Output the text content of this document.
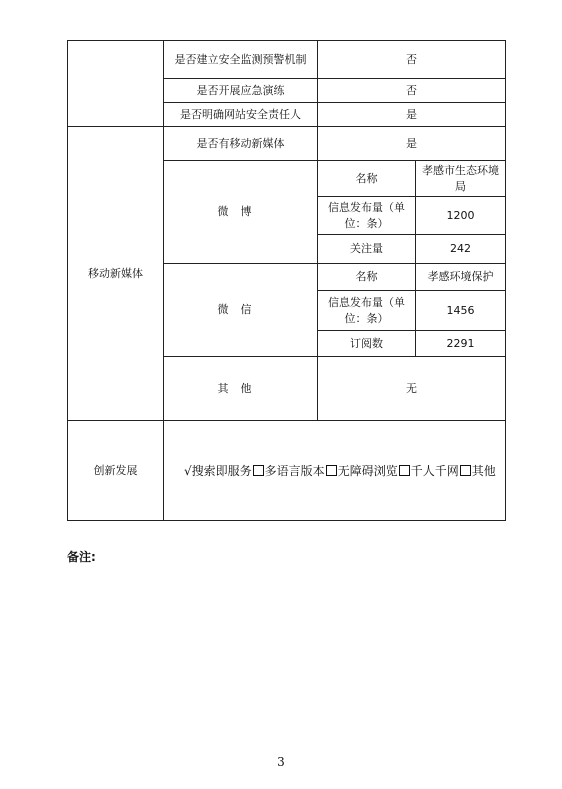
	是否建立安全监测预警机制	否	
	是否开展应急演练	否	
	是否明确网站安全责任人	是	
移动新媒体	是否有移动新媒体	是	
	微博	名称	孝感市生态环境局
		信息发布量（单位：条）	1200
		关注量	242
	微信	名称	孝感环境保护
		信息发布量（单位：条）	1456
		订阅数	2291
	其他	无	
创新发展	√搜索即服务 多语言版本 无障碍浏览 千人千网 其他		
备注:
3
